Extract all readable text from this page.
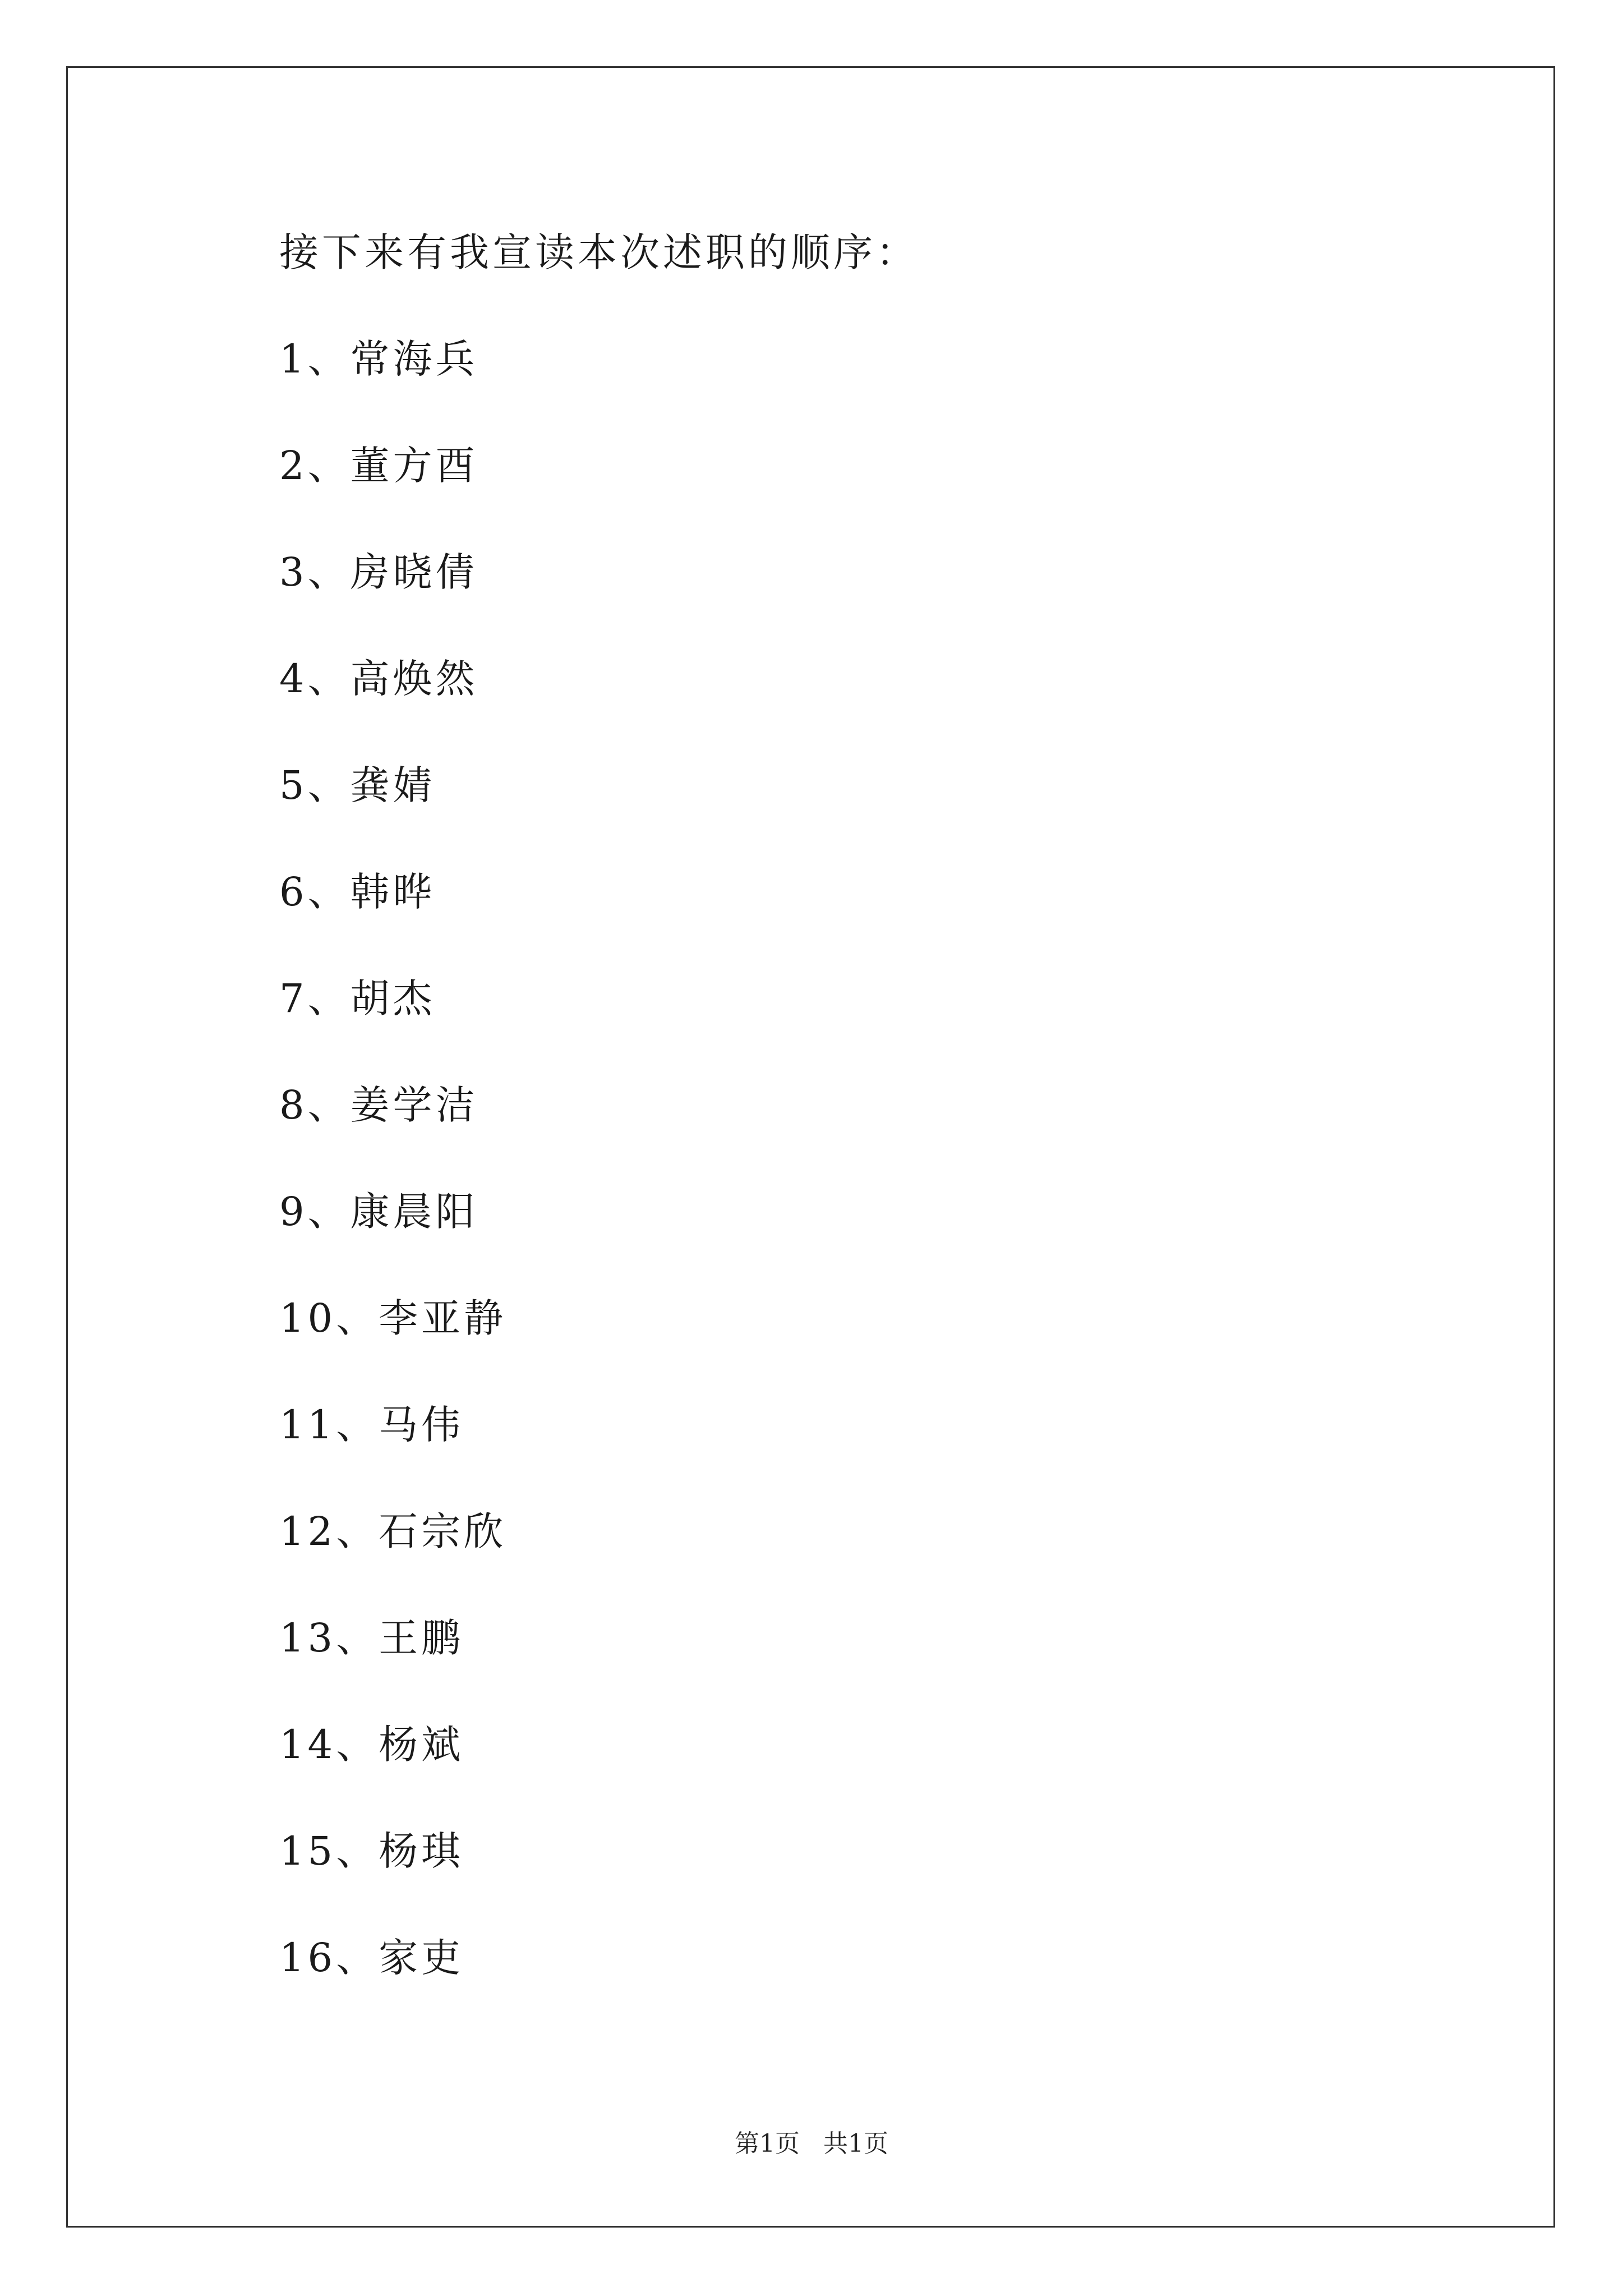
接下来有我宣读本次述职的顺序：
1、常海兵
2、董方酉
3、房晓倩
4、高焕然
5、龚婧
6、韩晔
7、胡杰
8、姜学洁
9、康晨阳
10、李亚静
11、马伟
12、石宗欣
13、王鹏
14、杨斌
15、杨琪
16、家吏
第1页   共1页
